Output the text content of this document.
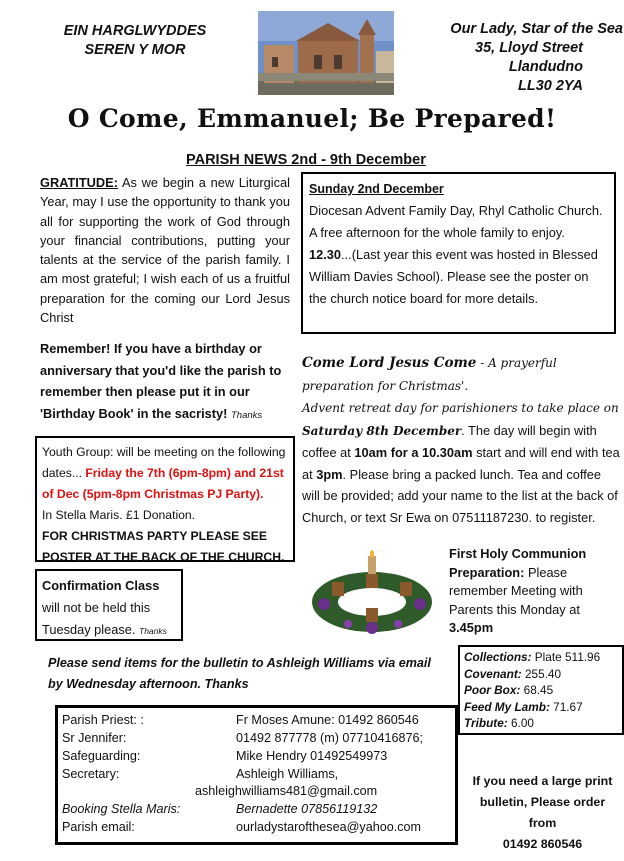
EIN HARGLWYDDES
SEREN Y MOR
Our Lady, Star of the Sea
35, Lloyd Street
Llandudno
LL30 2YA
O Come, Emmanuel; Be Prepared!
PARISH NEWS 2nd - 9th December
GRATITUDE: As we begin a new Liturgical Year, may I use the opportunity to thank you all for supporting the work of God through your financial contributions, putting your talents at the service of the parish family. I am most grateful; I wish each of us a fruitful preparation for the coming our Lord Jesus Christ
Remember! If you have a birthday or anniversary that you'd like the parish to remember then please put it in our 'Birthday Book' in the sacristy! Thanks
Youth Group: will be meeting on the following dates... Friday the 7th (6pm-8pm) and 21st of Dec (5pm-8pm Christmas PJ Party).
In Stella Maris. £1 Donation.
FOR CHRISTMAS PARTY PLEASE SEE POSTER AT THE BACK OF THE CHURCH.
Confirmation Class
will not be held this Tuesday please. Thanks
Sunday 2nd December
Diocesan Advent Family Day, Rhyl Catholic Church. A free afternoon for the whole family to enjoy. 12.30...(Last year this event was hosted in Blessed William Davies School). Please see the poster on the church notice board for more details.
Come Lord Jesus Come - A prayerful preparation for Christmas'.
Advent retreat day for parishioners to take place on Saturday 8th December. The day will begin with coffee at 10am for a 10.30am start and will end with tea at 3pm. Please bring a packed lunch. Tea and coffee will be provided; add your name to the list at the back of Church, or text Sr Ewa on 07511187230. to register.
First Holy Communion Preparation: Please remember Meeting with Parents this Monday at 3.45pm
Collections: Plate 511.96
Covenant: 255.40
Poor Box: 68.45
Feed My Lamb: 71.67
Tribute: 6.00
Please send items for the bulletin to Ashleigh Williams via email by Wednesday afternoon. Thanks
Parish Priest: :	Fr Moses Amune: 01492 860546
Sr Jennifer:	01492 877778 (m) 07710416876;
Safeguarding:	Mike Hendry 01492549973
Secretary:	Ashleigh Williams,
ashleighwilliams481@gmail.com
Booking Stella Maris:	Bernadette 07856119132
Parish email:	ourladystarofthesea@yahoo.com
If you need a large print
bulletin, Please order from
01492 860546
